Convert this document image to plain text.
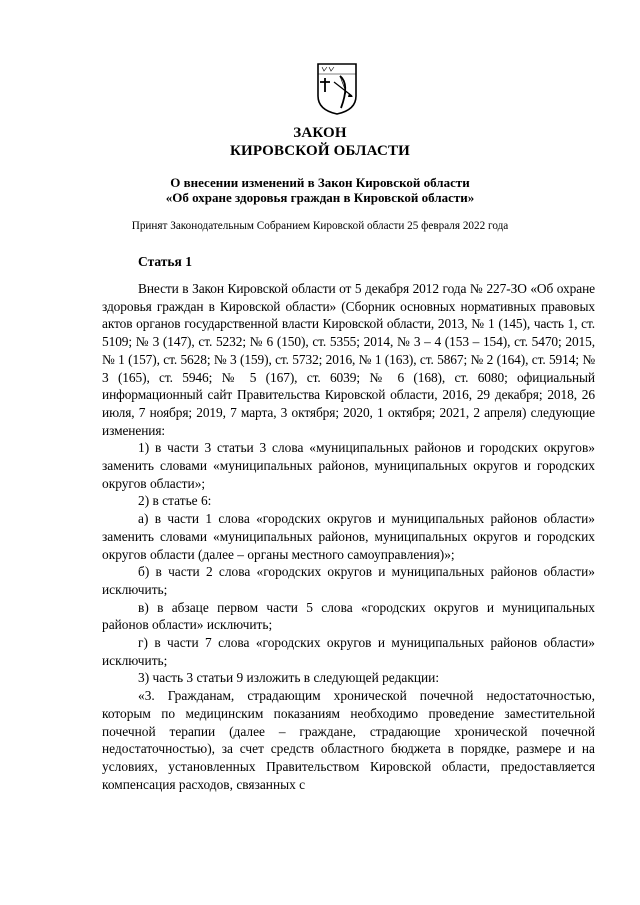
ЗАКОН
КИРОВСКОЙ ОБЛАСТИ
О внесении изменений в Закон Кировской области
«Об охране здоровья граждан в Кировской области»
Принят Законодательным Собранием Кировской области 25 февраля 2022 года
Статья 1

Внести в Закон Кировской области от 5 декабря 2012 года № 227-ЗО «Об охране здоровья граждан в Кировской области» (Сборник основных нормативных правовых актов органов государственной власти Кировской области, 2013, № 1 (145), часть 1, ст. 5109; № 3 (147), ст. 5232; № 6 (150), ст. 5355; 2014, № 3 – 4 (153 – 154), ст. 5470; 2015, № 1 (157), ст. 5628; № 3 (159), ст. 5732; 2016, № 1 (163), ст. 5867; № 2 (164), ст. 5914; № 3 (165), ст. 5946; № 5 (167), ст. 6039; № 6 (168), ст. 6080; официальный информационный сайт Правительства Кировской области, 2016, 29 декабря; 2018, 26 июля, 7 ноября; 2019, 7 марта, 3 октября; 2020, 1 октября; 2021, 2 апреля) следующие изменения:

1) в части 3 статьи 3 слова «муниципальных районов и городских округов» заменить словами «муниципальных районов, муниципальных округов и городских округов области»;

2) в статье 6:

а) в части 1 слова «городских округов и муниципальных районов области» заменить словами «муниципальных районов, муниципальных округов и городских округов области (далее – органы местного самоуправления)»;

б) в части 2 слова «городских округов и муниципальных районов области» исключить;

в) в абзаце первом части 5 слова «городских округов и муниципальных районов области» исключить;

г) в части 7 слова «городских округов и муниципальных районов области» исключить;

3) часть 3 статьи 9 изложить в следующей редакции:

«3. Гражданам, страдающим хронической почечной недостаточностью, которым по медицинским показаниям необходимо проведение заместительной почечной терапии (далее – граждане, страдающие хронической почечной недостаточностью), за счет средств областного бюджета в порядке, размере и на условиях, установленных Правительством Кировской области, предоставляется компенсация расходов, связанных с
